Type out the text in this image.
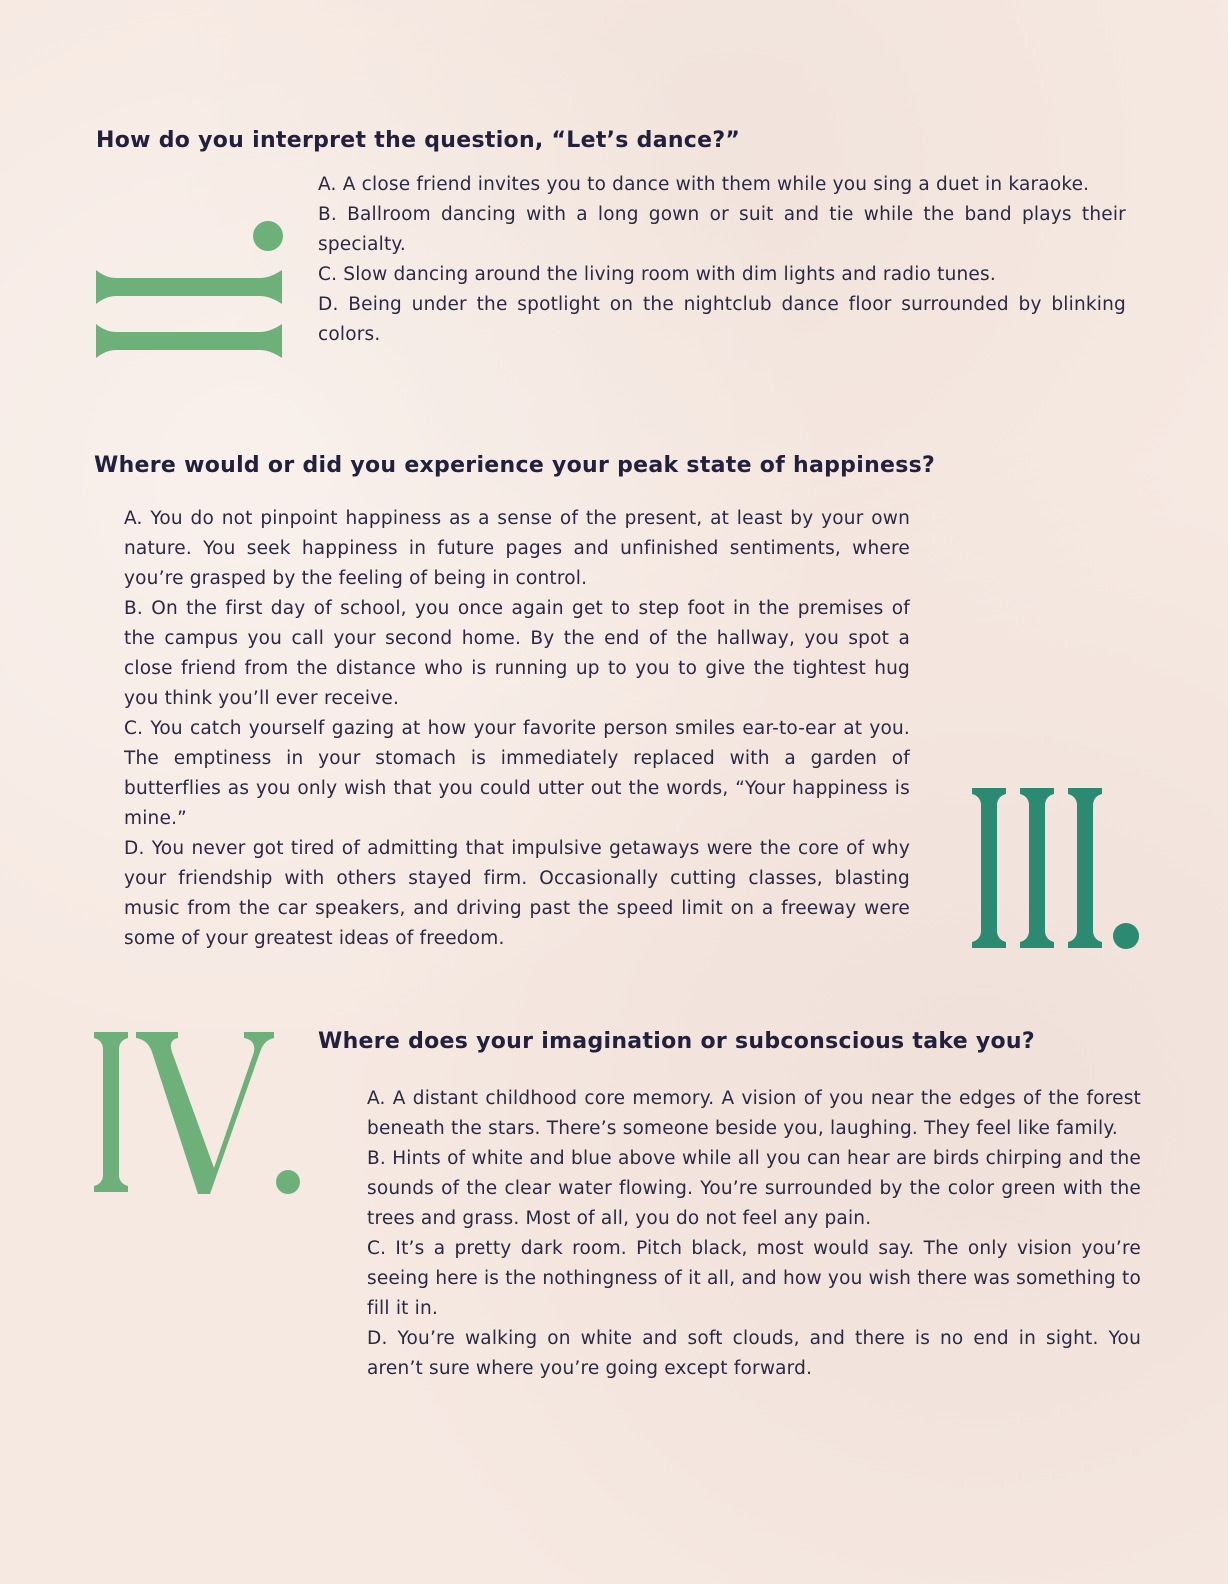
How do you interpret the question, “Let’s dance?”

A. A close friend invites you to dance with them while you sing a duet in karaoke.

B. Ballroom dancing with a long gown or suit and tie while the band plays their specialty.

C. Slow dancing around the living room with dim lights and radio tunes.

D. Being under the spotlight on the nightclub dance floor surrounded by blinking colors.

Where would or did you experience your peak state of happiness?

A. You do not pinpoint happiness as a sense of the present, at least by your own nature. You seek happiness in future pages and unfinished sentiments, where you’re grasped by the feeling of being in control.

B. On the first day of school, you once again get to step foot in the premises of the campus you call your second home. By the end of the hallway, you spot a close friend from the distance who is running up to you to give the tightest hug you think you’ll ever receive.

C. You catch yourself gazing at how your favorite person smiles ear-to-ear at you. The emptiness in your stomach is immediately replaced with a garden of butterflies as you only wish that you could utter out the words, “Your happiness is mine.”

D. You never got tired of admitting that impulsive getaways were the core of why your friendship with others stayed firm. Occasionally cutting classes, blasting music from the car speakers, and driving past the speed limit on a freeway were some of your greatest ideas of freedom.

Where does your imagination or subconscious take you?

A. A distant childhood core memory. A vision of you near the edges of the forest beneath the stars. There’s someone beside you, laughing. They feel like family.

B. Hints of white and blue above while all you can hear are birds chirping and the sounds of the clear water flowing. You’re surrounded by the color green with the trees and grass. Most of all, you do not feel any pain.

C. It’s a pretty dark room. Pitch black, most would say. The only vision you’re seeing here is the nothingness of it all, and how you wish there was something to fill it in.

D. You’re walking on white and soft clouds, and there is no end in sight. You aren’t sure where you’re going except forward.
